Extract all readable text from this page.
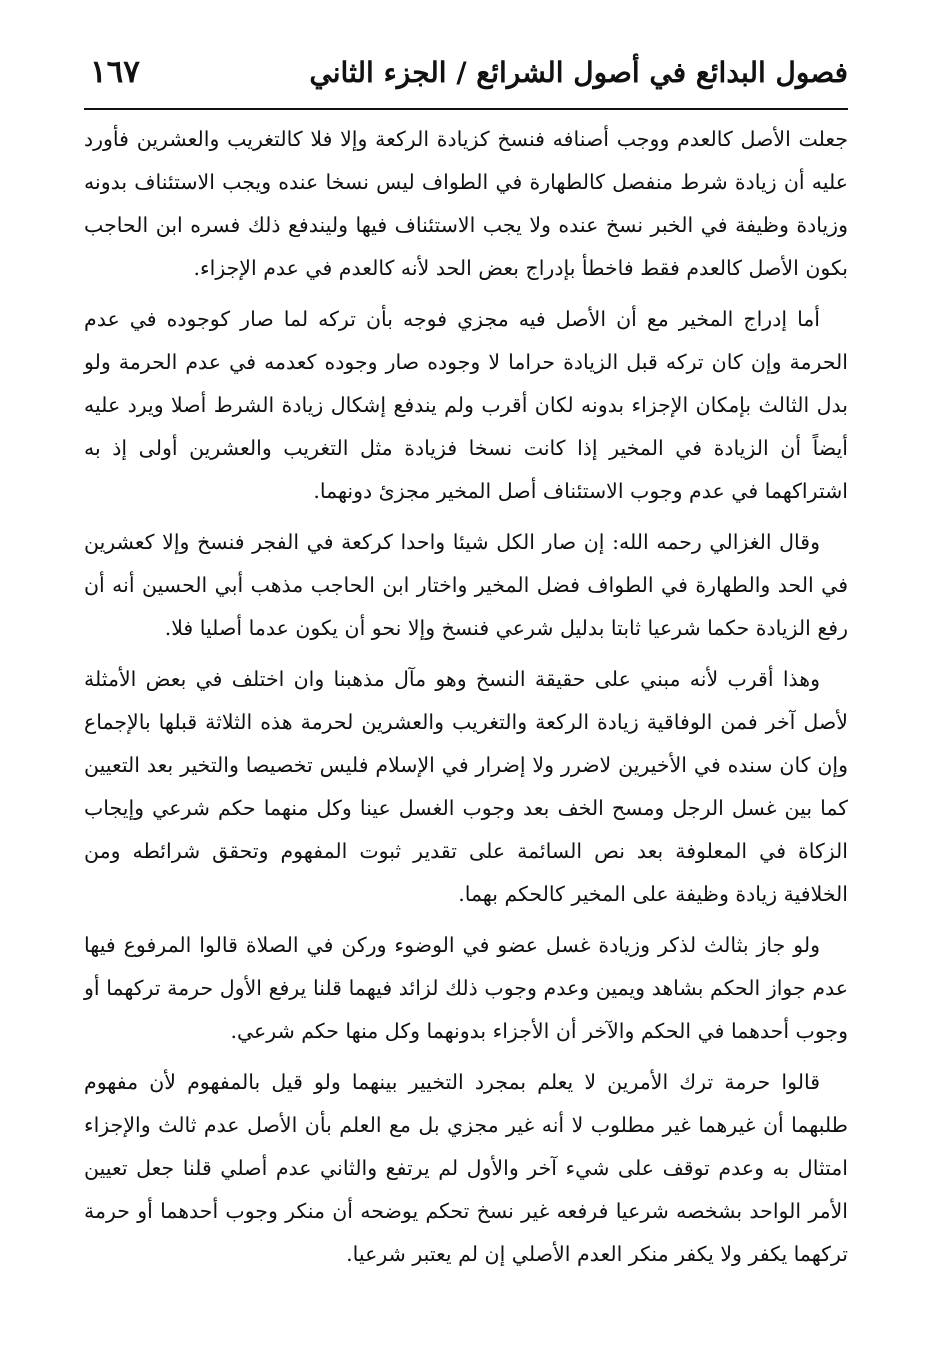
فصول البدائع في أصول الشرائع / الجزء الثاني
١٦٧

جعلت الأصل كالعدم ووجب أصنافه فنسخ كزيادة الركعة وإلا فلا كالتغريب والعشرين فأورد عليه أن زيادة شرط منفصل كالطهارة في الطواف ليس نسخا عنده ويجب الاستئناف بدونه وزيادة وظيفة في الخبر نسخ عنده ولا يجب الاستئناف فيها وليندفع ذلك فسره ابن الحاجب بكون الأصل كالعدم فقط فاخطأ بإدراج بعض الحد لأنه كالعدم في عدم الإجزاء.

أما إدراج المخير مع أن الأصل فيه مجزي فوجه بأن تركه لما صار كوجوده في عدم الحرمة وإن كان تركه قبل الزيادة حراما لا وجوده صار وجوده كعدمه في عدم الحرمة ولو بدل الثالث بإمكان الإجزاء بدونه لكان أقرب ولم يندفع إشكال زيادة الشرط أصلا ويرد عليه أيضاً أن الزيادة في المخير إذا كانت نسخا فزيادة مثل التغريب والعشرين أولى إذ به اشتراكهما في عدم وجوب الاستئناف أصل المخير مجزئ دونهما.

وقال الغزالي رحمه الله: إن صار الكل شيئا واحدا كركعة في الفجر فنسخ وإلا كعشرين في الحد والطهارة في الطواف فضل المخير واختار ابن الحاجب مذهب أبي الحسين أنه أن رفع الزيادة حكما شرعيا ثابتا بدليل شرعي فنسخ وإلا نحو أن يكون عدما أصليا فلا.

وهذا أقرب لأنه مبني على حقيقة النسخ وهو مآل مذهبنا وان اختلف في بعض الأمثلة لأصل آخر فمن الوفاقية زيادة الركعة والتغريب والعشرين لحرمة هذه الثلاثة قبلها بالإجماع وإن كان سنده في الأخيرين لاضرر ولا إضرار في الإسلام فليس تخصيصا والتخير بعد التعيين كما بين غسل الرجل ومسح الخف بعد وجوب الغسل عينا وكل منهما حكم شرعي وإيجاب الزكاة في المعلوفة بعد نص السائمة على تقدير ثبوت المفهوم وتحقق شرائطه ومن الخلافية زيادة وظيفة على المخير كالحكم بهما.

ولو جاز بثالث لذكر وزيادة غسل عضو في الوضوء وركن في الصلاة قالوا المرفوع فيها عدم جواز الحكم بشاهد ويمين وعدم وجوب ذلك لزائد فيهما قلنا يرفع الأول حرمة تركهما أو وجوب أحدهما في الحكم والآخر أن الأجزاء بدونهما وكل منها حكم شرعي.

قالوا حرمة ترك الأمرين لا يعلم بمجرد التخيير بينهما ولو قيل بالمفهوم لأن مفهوم طلبهما أن غيرهما غير مطلوب لا أنه غير مجزي بل مع العلم بأن الأصل عدم ثالث والإجزاء امتثال به وعدم توقف على شيء آخر والأول لم يرتفع والثاني عدم أصلي قلنا جعل تعيين الأمر الواحد بشخصه شرعيا فرفعه غير نسخ تحكم يوضحه أن منكر وجوب أحدهما أو حرمة تركهما يكفر ولا يكفر منكر العدم الأصلي إن لم يعتبر شرعيا.
